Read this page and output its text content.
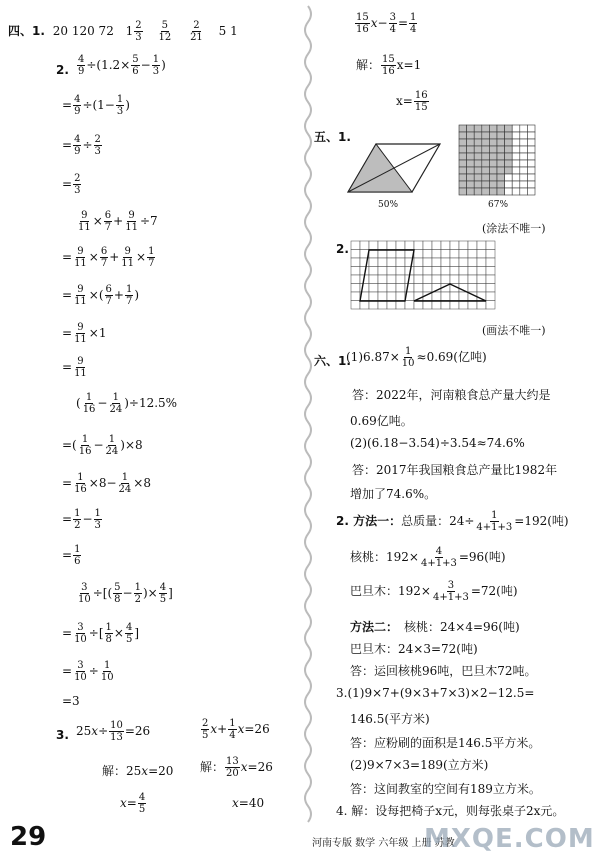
四、1. 20 120 72 $1 \frac{2}{3}$
$\frac{5}{12}$
$\frac{2}{21} 5$ 1
2. $\frac{4}{9} \div(1.2\times \frac{5}{6} - \frac{1}{3}$ )
= $\frac{4}{9} \div(1- \frac{1}{3}$ )
= $\frac{4}{9} \div \frac{2}{3}$
= $\frac{2}{3}$
$\frac{9}{11} \times \frac{6}{7} + \frac{9}{11} \div 7$
= $\frac{9}{11} \times \frac{6}{7} + \frac{9}{11} \times \frac{1}{7}$
= $\frac{9}{11}$ ×( $\frac{6}{7} + \frac{1}{7}$ )
= $\frac{9}{11} \times 1$
= $\frac{9}{11}$
( $\frac{1}{16} - \frac{1}{24} )\div 12.5\%$
=( $\frac{1}{16} - \frac{1}{24} )\times 8$
= $\frac{1}{16} \times 8- \frac{1}{24} \times 8$
= $\frac{1}{2} - \frac{1}{3}$
= $\frac{1}{6}$
$\frac{3}{10}$ ÷[( $\frac{5}{8} - \frac{1}{2}$ )× $\frac{4}{5}$ ]
= $\frac{3}{10}$ ÷[ $\frac{1}{8} \times \frac{4}{5}$ ]
= $\frac{3}{10} \div \frac{1}{10}$
=3
3. $25x\div \frac{10}{13} =26$	$\frac{2}{5} x+ \frac{1}{4} x=26$
解：25x=20 解： $\frac{13}{20} x=26$
$x= \frac{4}{5}$	x=40
$\frac{15}{16} x- \frac{3}{4} = \frac{1}{4}$
解： $\frac{15}{16} x=1$
$x= \frac{16}{15}$
五、1.
50%	67%
(涂法不唯一)
2.
(画法不唯一)
六、1.
$(1)6.87\times \frac{1}{10} \approx 0.69$(亿吨)
答：2022年，河南粮食总产量大约是
0.69亿吨。
(2)(6.18−3.54)÷3.54≈74.6%
答：2017年我国粮食总产量比1982年
增加了74.6%。
2. 方法一：总质量：$24\div \frac{1}{4+1+3} =192$(吨)
核桃：$192\times \frac{4}{4+1+3} =96$(吨)
巴旦木：$192\times \frac{3}{4+1+3} =72$(吨)
方法二： 核桃：24×4=96(吨)
巴旦木：24×3=72(吨)
答：运回核桃96吨，巴旦木72吨。
3.(1)9×7+(9×3+7×3)×2−12.5=
146.5(平方米)
答：应粉刷的面积是146.5平方米。
(2)9×7×3=189(立方米)
答：这间教室的空间有189立方米。
4. 解：设每把椅子x元，则每张桌子2x元。
29	河南专版 数学 六年级 上册 苏教
MXQE.COM
